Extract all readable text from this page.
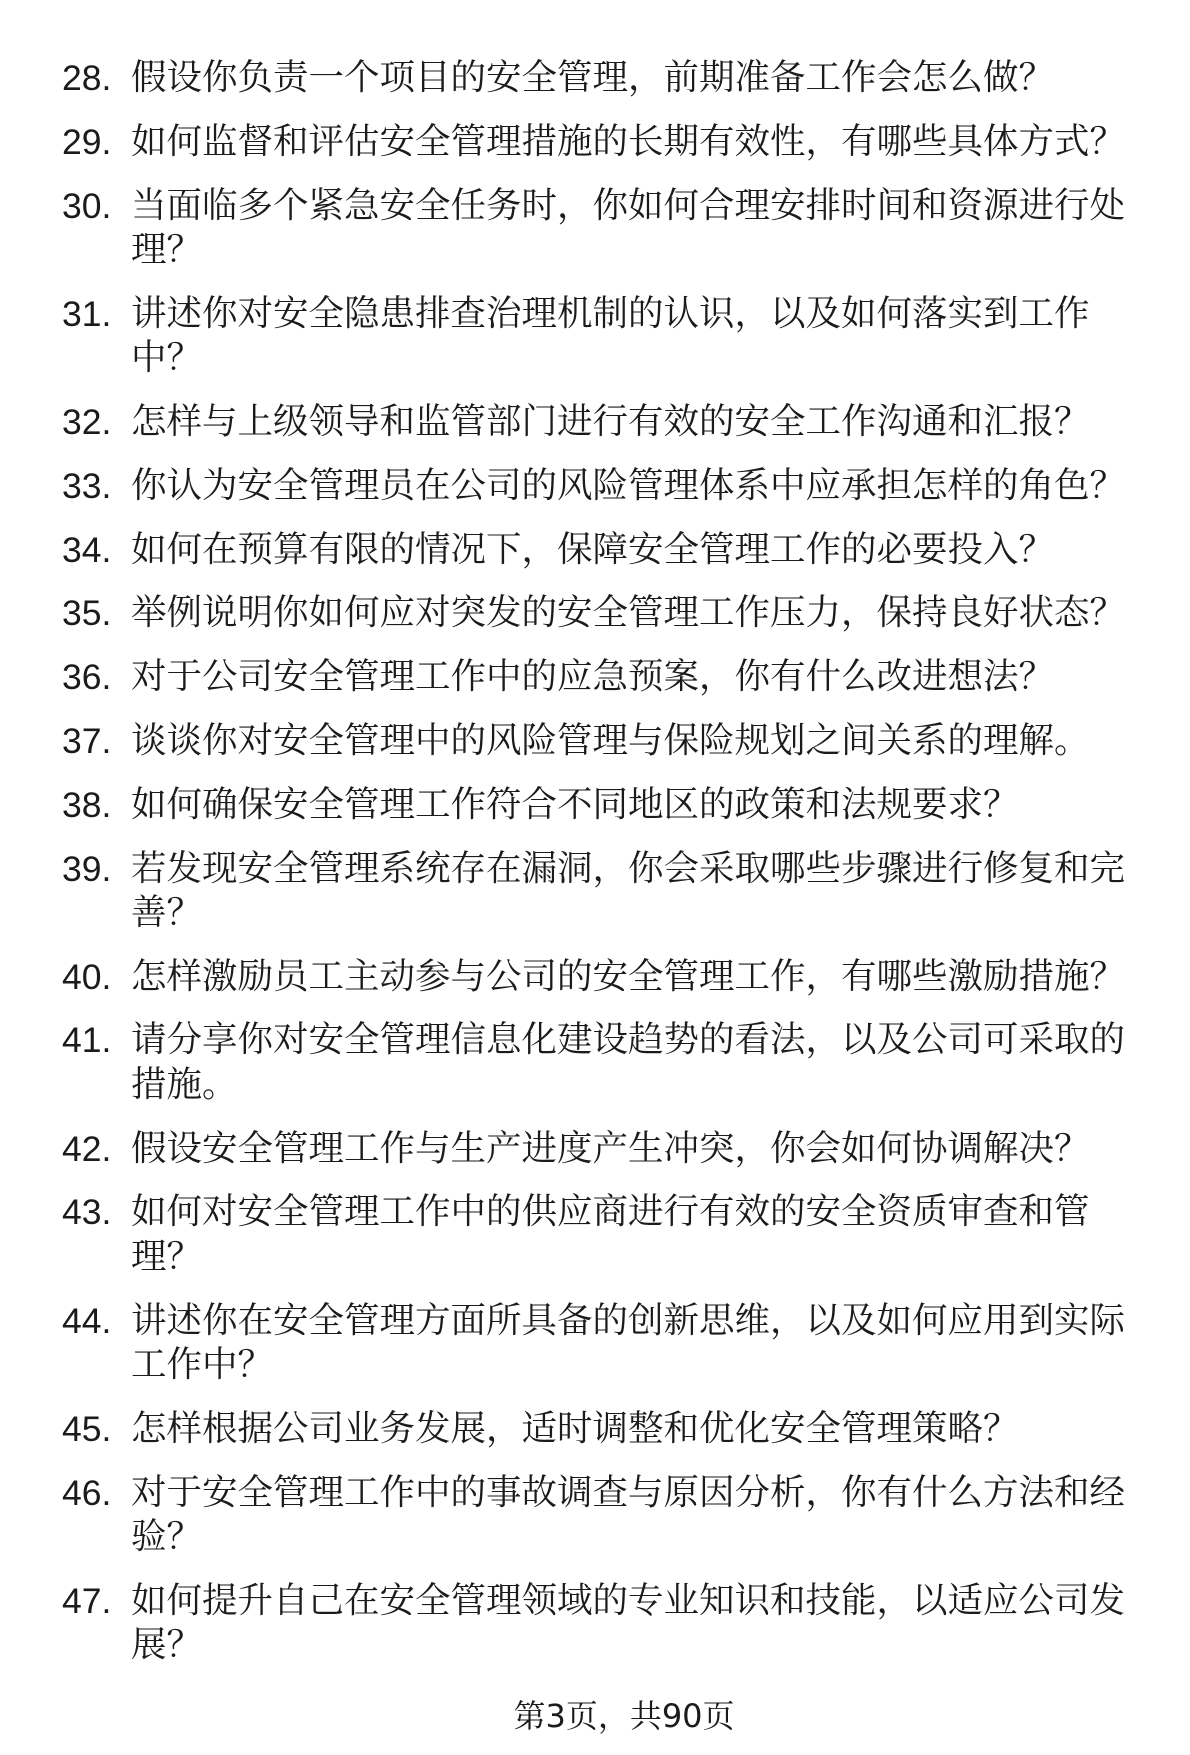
28. 假设你负责一个项目的安全管理，前期准备工作会怎么做？
29. 如何监督和评估安全管理措施的长期有效性，有哪些具体方式？
30. 当面临多个紧急安全任务时，你如何合理安排时间和资源进行处
理？
31. 讲述你对安全隐患排查治理机制的认识，以及如何落实到工作
中？
32. 怎样与上级领导和监管部门进行有效的安全工作沟通和汇报？
33. 你认为安全管理员在公司的风险管理体系中应承担怎样的角色？
34. 如何在预算有限的情况下，保障安全管理工作的必要投入？
35. 举例说明你如何应对突发的安全管理工作压力，保持良好状态？
36. 对于公司安全管理工作中的应急预案，你有什么改进想法？
37. 谈谈你对安全管理中的风险管理与保险规划之间关系的理解。
38. 如何确保安全管理工作符合不同地区的政策和法规要求？
39. 若发现安全管理系统存在漏洞，你会采取哪些步骤进行修复和完
善？
40. 怎样激励员工主动参与公司的安全管理工作，有哪些激励措施？
41. 请分享你对安全管理信息化建设趋势的看法，以及公司可采取的
措施。
42. 假设安全管理工作与生产进度产生冲突，你会如何协调解决？
43. 如何对安全管理工作中的供应商进行有效的安全资质审查和管
理？
44. 讲述你在安全管理方面所具备的创新思维，以及如何应用到实际
工作中？
45. 怎样根据公司业务发展，适时调整和优化安全管理策略？
46. 对于安全管理工作中的事故调查与原因分析，你有什么方法和经
验？
47. 如何提升自己在安全管理领域的专业知识和技能，以适应公司发
展？
第3页，共90页
